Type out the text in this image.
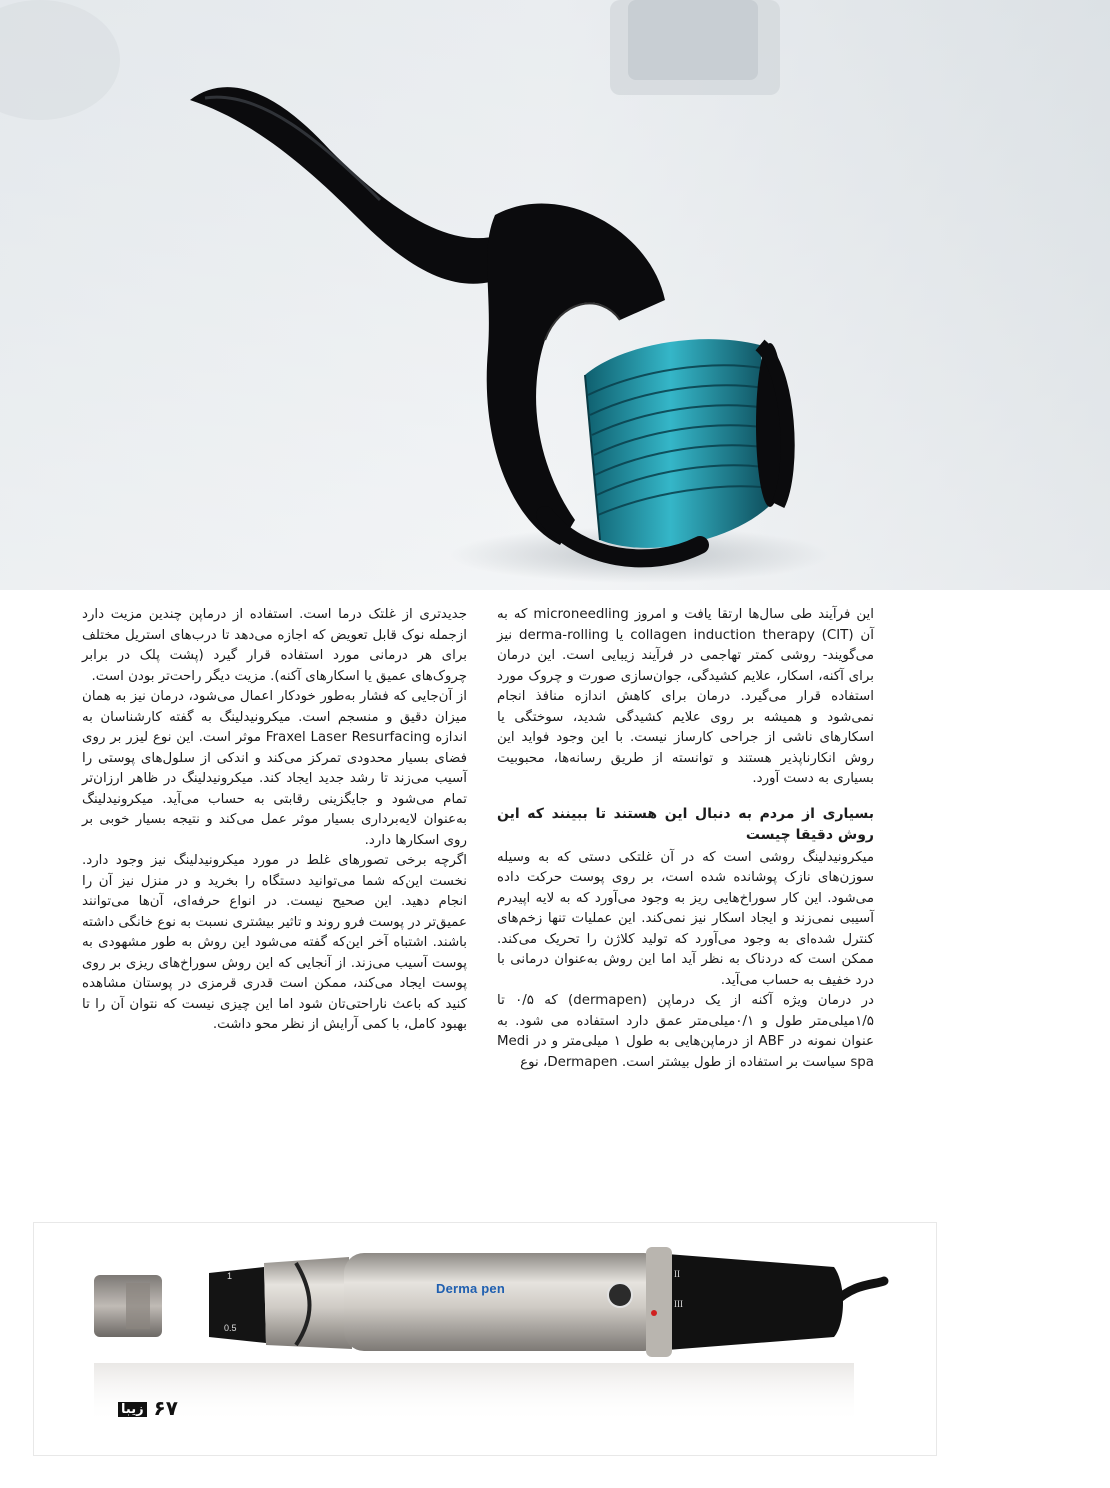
این فرآیند طی سال‌ها ارتقا یافت و امروز microneedling که به آن collagen induction therapy (CIT) یا derma-rolling نیز می‌گویند- روشی کمتر تهاجمی در فرآیند زیبایی است. این درمان برای آکنه، اسکار، علایم کشیدگی، جوان‌سازی صورت و چروک مورد استفاده قرار می‌گیرد. درمان برای کاهش اندازه منافذ انجام نمی‌شود و همیشه بر روی علایم کشیدگی شدید، سوختگی یا اسکارهای ناشی از جراحی کارساز نیست. با این وجود فواید این روش انکارناپذیر هستند و توانسته از طریق رسانه‌ها، محبوبیت بسیاری به دست آورد.

بسیاری از مردم به دنبال این هستند تا ببینند که این روش دقیقا چیست

میکرونیدلینگ روشی است که در آن غلتکی دستی که به وسیله سوزن‌های نازک پوشانده شده است، بر روی پوست حرکت داده می‌شود. این کار سوراخ‌هایی ریز به وجود می‌آورد که به لایه اپیدرم آسیبی نمی‌زند و ایجاد اسکار نیز نمی‌کند. این عملیات تنها زخم‌های کنترل شده‌ای به وجود می‌آورد که تولید کلاژن را تحریک می‌کند. ممکن است که دردناک به نظر آید اما این روش به‌عنوان درمانی با درد خفیف به حساب می‌آید.

در درمان ویژه آکنه از یک درماپن (dermapen) که ۰/۵ تا ۱/۵میلی‌متر طول و ۰/۱میلی‌متر عمق دارد استفاده می شود. به عنوان نمونه در ABF از درماپن‌هایی به طول ۱ میلی‌متر و در Medi spa سیاست بر استفاده از طول بیشتر است. Dermapen، نوع

جدیدتری از غلتک درما است. استفاده از درماپن چندین مزیت دارد ازجمله نوک قابل تعویض که اجازه می‌دهد تا درب‌های استریل مختلف برای هر درمانی مورد استفاده قرار گیرد (پشت پلک در برابر چروک‌های عمیق یا اسکارهای آکنه). مزیت دیگر راحت‌تر بودن است.

از آن‌جایی که فشار به‌طور خودکار اعمال می‌شود، درمان نیز به همان میزان دقیق و منسجم است. میکرونیدلینگ به گفته کارشناسان به اندازه Fraxel Laser Resurfacing موثر است. این نوع لیزر بر روی فضای بسیار محدودی تمرکز می‌کند و اندکی از سلول‌های پوستی را آسیب می‌زند تا رشد جدید ایجاد کند. میکرونیدلینگ در ظاهر ارزان‌تر تمام می‌شود و جایگزینی رقابتی به حساب می‌آید. میکرونیدلینگ به‌عنوان لایه‌برداری بسیار موثر عمل می‌کند و نتیجه بسیار خوبی بر روی اسکارها دارد.

اگرچه برخی تصورهای غلط در مورد میکرونیدلینگ نیز وجود دارد. نخست این‌که شما می‌توانید دستگاه را بخرید و در منزل نیز آن را انجام دهید. این صحیح نیست. در انواع حرفه‌ای، آن‌ها می‌توانند عمیق‌تر در پوست فرو روند و تاثیر بیشتری نسبت به نوع خانگی داشته باشند. اشتباه آخر این‌که گفته می‌شود این روش به طور مشهودی به پوست آسیب می‌زند. از آنجایی که این روش سوراخ‌های ریزی بر روی پوست ایجاد می‌کند، ممکن است قدری قرمزی در پوستان مشاهده کنید که باعث ناراحتی‌تان شود اما این چیزی نیست که نتوان آن را تا بهبود کامل، با کمی آرایش از نظر محو داشت.

Derma pen
0.5
1	II
III
۶۷ زیبا
